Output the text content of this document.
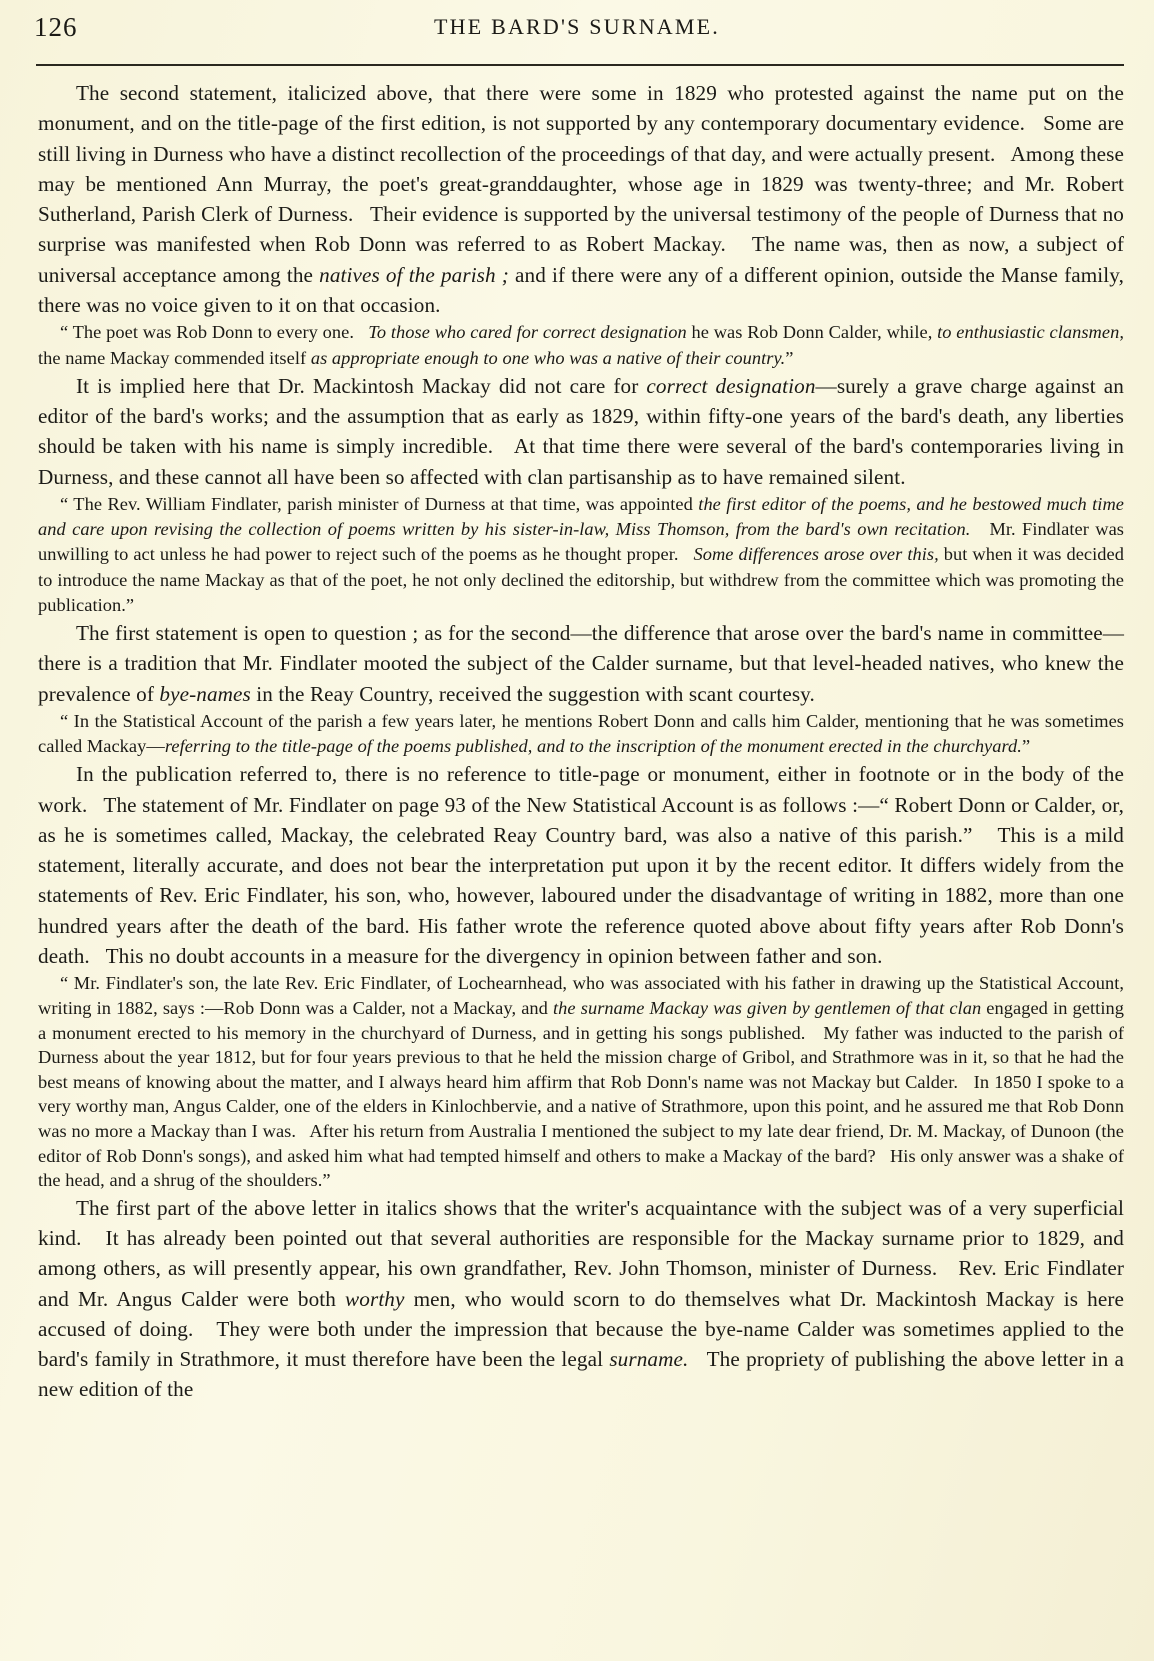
126	THE BARD'S SURNAME.

The second statement, italicized above, that there were some in 1829 who protested against the name put on the monument, and on the title-page of the first edition, is not supported by any contemporary documentary evidence.   Some are still living in Durness who have a distinct recollection of the proceedings of that day, and were actually present.   Among these may be mentioned Ann Murray, the poet's great-granddaughter, whose age in 1829 was twenty-three; and Mr. Robert Sutherland, Parish Clerk of Durness.   Their evidence is supported by the universal testimony of the people of Durness that no surprise was manifested when Rob Donn was referred to as Robert Mackay.   The name was, then as now, a subject of universal acceptance among the natives of the parish ; and if there were any of a different opinion, outside the Manse family, there was no voice given to it on that occasion.

“ The poet was Rob Donn to every one.   To those who cared for correct designation he was Rob Donn Calder, while, to enthusiastic clansmen, the name Mackay commended itself as appropriate enough to one who was a native of their country.”

It is implied here that Dr. Mackintosh Mackay did not care for correct designation—surely a grave charge against an editor of the bard's works; and the assumption that as early as 1829, within fifty-one years of the bard's death, any liberties should be taken with his name is simply incredible.   At that time there were several of the bard's contemporaries living in Durness, and these cannot all have been so affected with clan partisanship as to have remained silent.

“ The Rev. William Findlater, parish minister of Durness at that time, was appointed the first editor of the poems, and he bestowed much time and care upon revising the collection of poems written by his sister-in-law, Miss Thomson, from the bard's own recitation.   Mr. Findlater was unwilling to act unless he had power to reject such of the poems as he thought proper.   Some differences arose over this, but when it was decided to introduce the name Mackay as that of the poet, he not only declined the editorship, but withdrew from the committee which was promoting the publication.”

The first statement is open to question ; as for the second—the difference that arose over the bard's name in committee—there is a tradition that Mr. Findlater mooted the subject of the Calder surname, but that level-headed natives, who knew the prevalence of bye-names in the Reay Country, received the suggestion with scant courtesy.

“ In the Statistical Account of the parish a few years later, he mentions Robert Donn and calls him Calder, mentioning that he was sometimes called Mackay—referring to the title-page of the poems published, and to the inscription of the monument erected in the churchyard.”

In the publication referred to, there is no reference to title-page or monument, either in footnote or in the body of the work.   The statement of Mr. Findlater on page 93 of the New Statistical Account is as follows :—“ Robert Donn or Calder, or, as he is sometimes called, Mackay, the celebrated Reay Country bard, was also a native of this parish.”   This is a mild statement, literally accurate, and does not bear the interpretation put upon it by the recent editor. It differs widely from the statements of Rev. Eric Findlater, his son, who, however, laboured under the disadvantage of writing in 1882, more than one hundred years after the death of the bard. His father wrote the reference quoted above about fifty years after Rob Donn's death.   This no doubt accounts in a measure for the divergency in opinion between father and son.

“ Mr. Findlater's son, the late Rev. Eric Findlater, of Lochearnhead, who was associated with his father in drawing up the Statistical Account, writing in 1882, says :—Rob Donn was a Calder, not a Mackay, and the surname Mackay was given by gentlemen of that clan engaged in getting a monument erected to his memory in the churchyard of Durness, and in getting his songs published.   My father was inducted to the parish of Durness about the year 1812, but for four years previous to that he held the mission charge of Gribol, and Strathmore was in it, so that he had the best means of knowing about the matter, and I always heard him affirm that Rob Donn's name was not Mackay but Calder.   In 1850 I spoke to a very worthy man, Angus Calder, one of the elders in Kinlochbervie, and a native of Strathmore, upon this point, and he assured me that Rob Donn was no more a Mackay than I was.   After his return from Australia I mentioned the subject to my late dear friend, Dr. M. Mackay, of Dunoon (the editor of Rob Donn's songs), and asked him what had tempted himself and others to make a Mackay of the bard?   His only answer was a shake of the head, and a shrug of the shoulders.”

The first part of the above letter in italics shows that the writer's acquaintance with the subject was of a very superficial kind.   It has already been pointed out that several authorities are responsible for the Mackay surname prior to 1829, and among others, as will presently appear, his own grandfather, Rev. John Thomson, minister of Durness.   Rev. Eric Findlater and Mr. Angus Calder were both worthy men, who would scorn to do themselves what Dr. Mackintosh Mackay is here accused of doing.   They were both under the impression that because the bye-name Calder was sometimes applied to the bard's family in Strathmore, it must therefore have been the legal surname.   The propriety of publishing the above letter in a new edition of the
